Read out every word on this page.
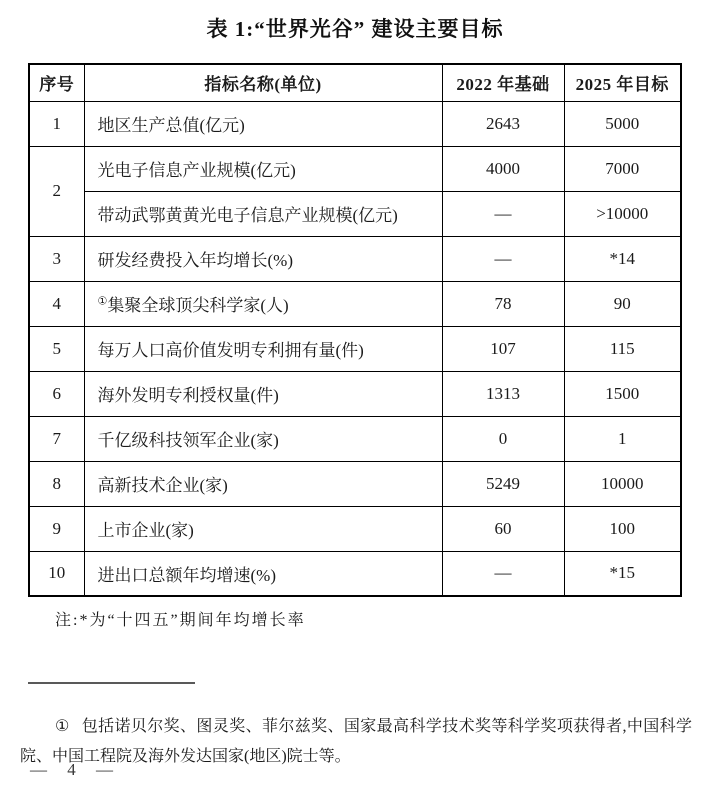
表 1:“世界光谷” 建设主要目标
序号	指标名称(单位)	2022 年基础	2025 年目标
1	地区生产总值(亿元)	2643	5000
2	光电子信息产业规模(亿元)	4000	7000
	带动武鄂黄黄光电子信息产业规模(亿元)	—	>10000
3	研发经费投入年均增长(%)	—	*14
4	①集聚全球顶尖科学家(人)	78	90
5	每万人口高价值发明专利拥有量(件)	107	115
6	海外发明专利授权量(件)	1313	1500
7	千亿级科技领军企业(家)	0	1
8	高新技术企业(家)	5249	10000
9	上市企业(家)	60	100
10	进出口总额年均增速(%)	—	*15

注:*为“十四五”期间年均增长率

① 包括诺贝尔奖、图灵奖、菲尔兹奖、国家最高科学技术奖等科学奖项获得者,中国科学院、中国工程院及海外发达国家(地区)院士等。

— 4 —
